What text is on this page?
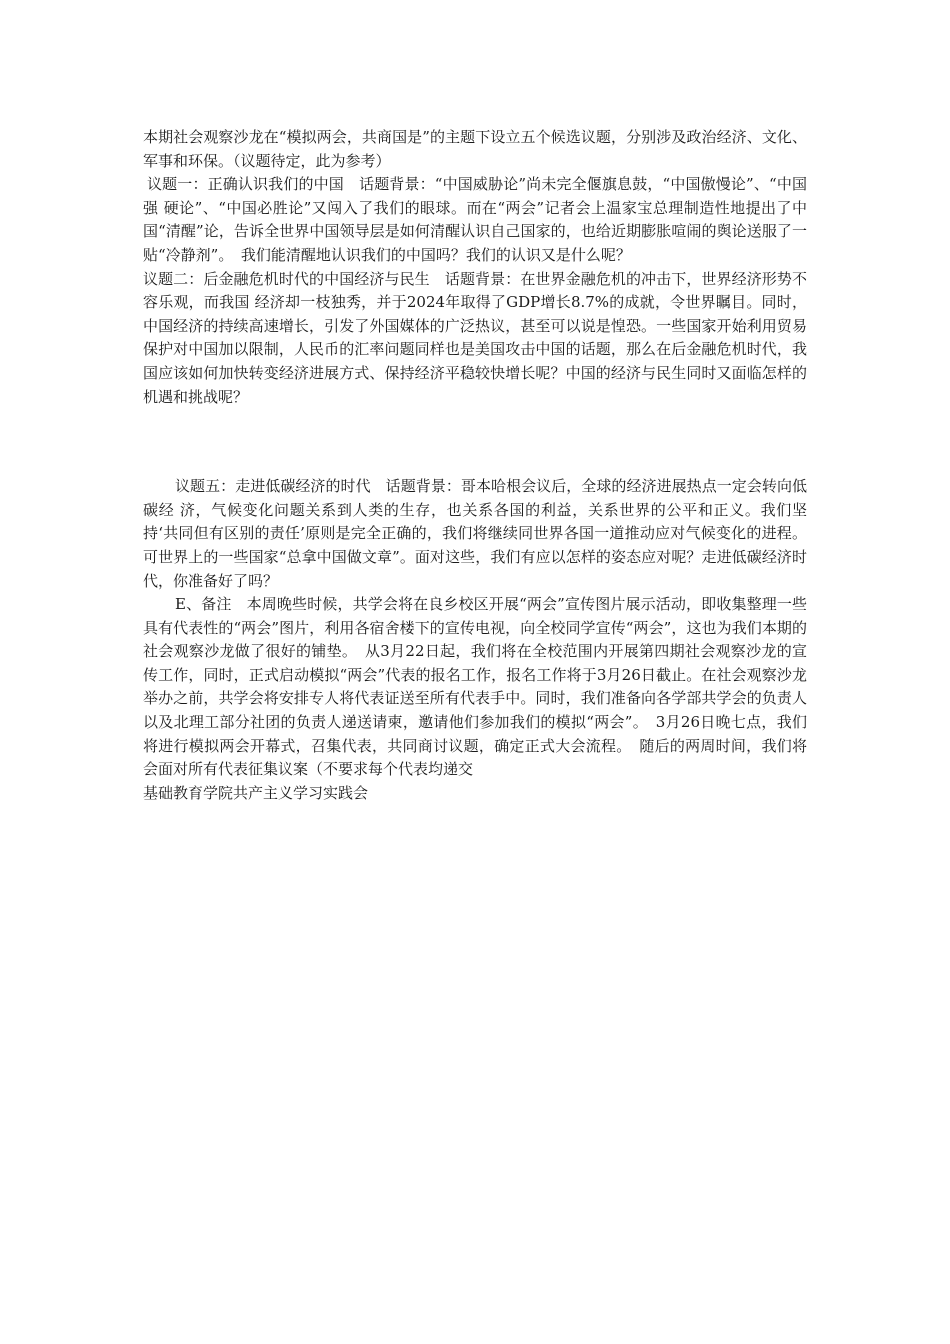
本期社会观察沙龙在“模拟两会，共商国是”的主题下设立五个候选议题，分别涉及政治经济、文化、军事和环保。（议题待定，此为参考）

议题一：正确认识我们的中国　话题背景：“中国威胁论”尚未完全偃旗息鼓，“中国傲慢论”、“中国强 硬论”、“中国必胜论”又闯入了我们的眼球。而在“两会”记者会上温家宝总理制造性地提出了中国“清醒”论，告诉全世界中国领导层是如何清醒认识自己国家的，也给近期膨胀喧闹的舆论送服了一贴“冷静剂”。　我们能清醒地认识我们的中国吗？我们的认识又是什么呢？

议题二：后金融危机时代的中国经济与民生　话题背景：在世界金融危机的冲击下，世界经济形势不容乐观，而我国 经济却一枝独秀，并于2024年取得了GDP增长8.7%的成就，令世界瞩目。同时，中国经济的持续高速增长，引发了外国媒体的广泛热议，甚至可以说是惶恐。一些国家开始利用贸易保护对中国加以限制，人民币的汇率问题同样也是美国攻击中国的话题，那么在后金融危机时代，我国应该如何加快转变经济进展方式、保持经济平稳较快增长呢？中国的经济与民生同时又面临怎样的机遇和挑战呢？

议题五：走进低碳经济的时代　话题背景：哥本哈根会议后，全球的经济进展热点一定会转向低碳经 济，气候变化问题关系到人类的生存，也关系各国的利益，关系世界的公平和正义。我们坚持‘共同但有区别的责任’原则是完全正确的，我们将继续同世界各国一道推动应对气候变化的进程。可世界上的一些国家“总拿中国做文章”。面对这些，我们有应以怎样的姿态应对呢？走进低碳经济时代，你准备好了吗？

E、备注　本周晚些时候，共学会将在良乡校区开展“两会”宣传图片展示活动，即收集整理一些具有代表性的“两会”图片，利用各宿舍楼下的宣传电视，向全校同学宣传“两会”，这也为我们本期的社会观察沙龙做了很好的铺垫。　从3月22日起，我们将在全校范围内开展第四期社会观察沙龙的宣传工作，同时，正式启动模拟“两会”代表的报名工作，报名工作将于3月26日截止。在社会观察沙龙举办之前，共学会将安排专人将代表证送至所有代表手中。同时，我们准备向各学部共学会的负责人以及北理工部分社团的负责人递送请柬，邀请他们参加我们的模拟“两会”。　3月26日晚七点，我们将进行模拟两会开幕式，召集代表，共同商讨议题，确定正式大会流程。　随后的两周时间，我们将会面对所有代表征集议案（不要求每个代表均递交

基础教育学院共产主义学习实践会
